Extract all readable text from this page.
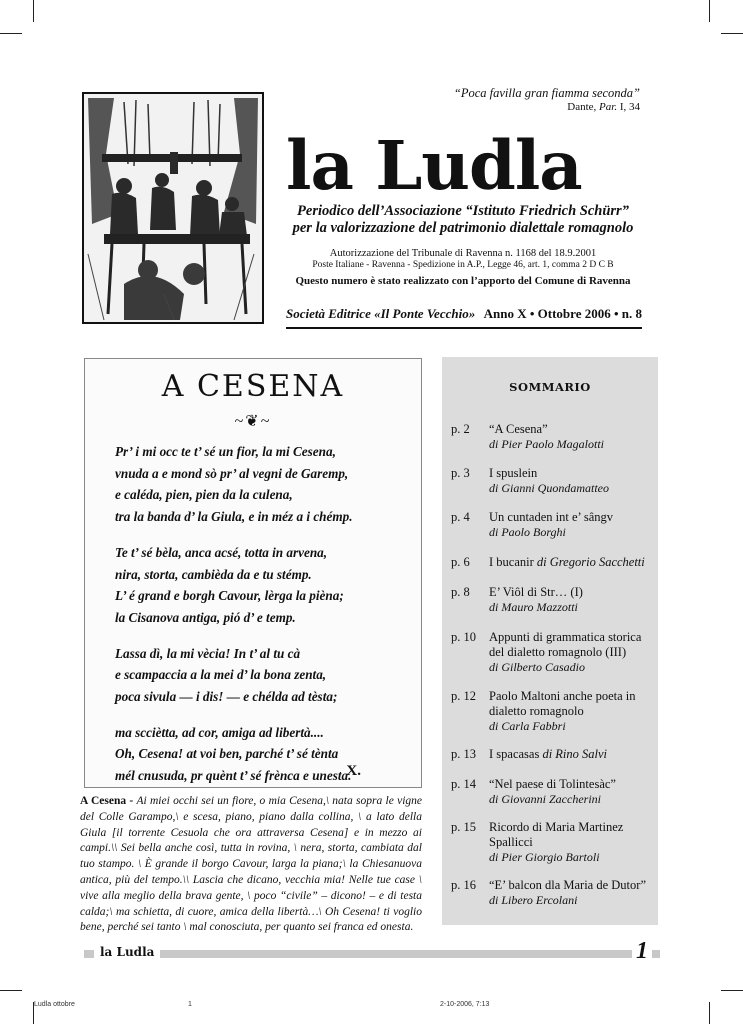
“Poca favilla gran fiamma seconda”
Dante, Par. I, 34
la Ludla
Periodico dell’Associazione “Istituto Friedrich Schürr”
per la valorizzazione del patrimonio dialettale romagnolo
Autorizzazione del Tribunale di Ravenna n. 1168 del 18.9.2001
Poste Italiane - Ravenna - Spedizione in A.P., Legge 46, art. 1, comma 2 D C B
Questo numero è stato realizzato con l’apporto del Comune di Ravenna
Società Editrice «Il Ponte Vecchio» Anno X • Ottobre 2006 • n. 8
A CESENA
~❦~
Pr’ i mi occ te t’ sé un fior, la mi Cesena,
vnuda a e mond sò pr’ al vegni de Garemp,
e caléda, pien, pien da la culena,
tra la banda d’ la Giula, e in méz a i chémp.
Te t’ sé bèla, anca acsé, totta in arvena,
nira, storta, cambièda da e tu stémp.
L’ é grand e borgh Cavour, lèrga la pièna;
la Cisanova antiga, pió d’ e temp.
Lassa dì, la mi vècia! In t’ al tu cà
e scampaccia a la mei d’ la bona zenta,
poca sivula — i dis! — e chélda ad tèsta;
ma scciètta, ad cor, amiga ad libertà....
Oh, Cesena! at voi ben, parché t’ sé tènta
mél cnusuda, pr quènt t’ sé frènca e unesta.
X.
A Cesena - Ai miei occhi sei un fiore, o mia Cesena,\ nata sopra le vigne del Colle Garampo,\ e scesa, piano, piano dalla collina, \ a lato della Giula [il torrente Cesuola che ora attraversa Cesena] e in mezzo ai campi.\\ Sei bella anche così, tutta in rovina, \ nera, storta, cambiata dal tuo stampo. \ È grande il borgo Cavour, larga la piana;\ la Chiesanuova antica, più del tempo.\\ Lascia che dicano, vecchia mia! Nelle tue case \ vive alla meglio della brava gente, \ poco “civile” – dicono! – e di testa calda;\ ma schietta, di cuore, amica della libertà…\ Oh Cesena! ti voglio bene, perché sei tanto \ mal conosciuta, per quanto sei franca ed onesta.
SOMMARIO
p. 2	“A Cesena”
di Pier Paolo Magalotti
p. 3	I spuslein
di Gianni Quondamatteo
p. 4	Un cuntaden int e’ sângv
di Paolo Borghi
p. 6	I bucanir di Gregorio Sacchetti
p. 8	E’ Viôl di Str… (I)
di Mauro Mazzotti
p. 10	Appunti di grammatica storica del dialetto romagnolo (III)
di Gilberto Casadio
p. 12	Paolo Maltoni anche poeta in dialetto romagnolo
di Carla Fabbri
p. 13	I spacasas di Rino Salvi
p. 14	“Nel paese di Tolintesàc”
di Giovanni Zaccherini
p. 15	Ricordo di Maria Martinez Spallicci
di Pier Giorgio Bartoli
p. 16	“E’ balcon dla Maria de Dutor”
di Libero Ercolani
la Ludla	1
Ludla ottobre	1	2-10-2006, 7:13
